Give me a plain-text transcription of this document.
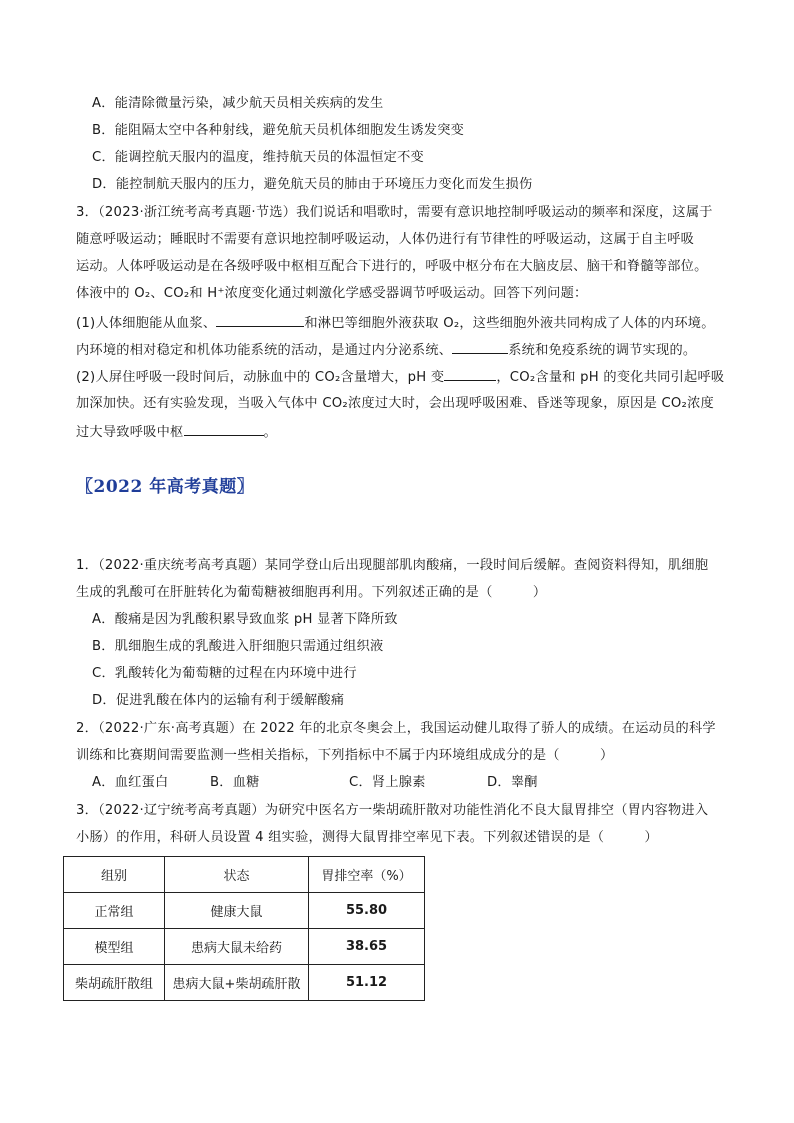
A．能清除微量污染，减少航天员相关疾病的发生
B．能阻隔太空中各种射线，避免航天员机体细胞发生诱发突变
C．能调控航天服内的温度，维持航天员的体温恒定不变
D．能控制航天服内的压力，避免航天员的肺由于环境压力变化而发生损伤
3．（2023·浙江统考高考真题·节选）我们说话和唱歌时，需要有意识地控制呼吸运动的频率和深度，这属于
随意呼吸运动；睡眠时不需要有意识地控制呼吸运动，人体仍进行有节律性的呼吸运动，这属于自主呼吸
运动。人体呼吸运动是在各级呼吸中枢相互配合下进行的，呼吸中枢分布在大脑皮层、脑干和脊髓等部位。
体液中的 O₂、CO₂和 H⁺浓度变化通过刺激化学感受器调节呼吸运动。回答下列问题：
(1)人体细胞能从血浆、	和淋巴等细胞外液获取 O₂，这些细胞外液共同构成了人体的内环境。
内环境的相对稳定和机体功能系统的活动，是通过内分泌系统、	系统和免疫系统的调节实现的。
(2)人屏住呼吸一段时间后，动脉血中的 CO₂含量增大，pH 变	，CO₂含量和 pH 的变化共同引起呼吸
加深加快。还有实验发现，当吸入气体中 CO₂浓度过大时，会出现呼吸困难、昏迷等现象，原因是 CO₂浓度
过大导致呼吸中枢	。
〖2022 年高考真题〗
1．（2022·重庆统考高考真题）某同学登山后出现腿部肌肉酸痛，一段时间后缓解。查阅资料得知，肌细胞
生成的乳酸可在肝脏转化为葡萄糖被细胞再利用。下列叙述正确的是（　　　）
A．酸痛是因为乳酸积累导致血浆 pH 显著下降所致
B．肌细胞生成的乳酸进入肝细胞只需通过组织液
C．乳酸转化为葡萄糖的过程在内环境中进行
D．促进乳酸在体内的运输有利于缓解酸痛
2．（2022·广东·高考真题）在 2022 年的北京冬奥会上，我国运动健儿取得了骄人的成绩。在运动员的科学
训练和比赛期间需要监测一些相关指标，下列指标中不属于内环境组成成分的是（　　　）
A．血红蛋白	B．血糖	C．肾上腺素	D．睾酮
3．（2022·辽宁统考高考真题）为研究中医名方一柴胡疏肝散对功能性消化不良大鼠胃排空（胃内容物进入
小肠）的作用，科研人员设置 4 组实验，测得大鼠胃排空率见下表。下列叙述错误的是（　　　）
组别	状态	胃排空率（%）
正常组	健康大鼠	55.80
模型组	患病大鼠未给药	38.65
柴胡疏肝散组	患病大鼠+柴胡疏肝散	51.12
